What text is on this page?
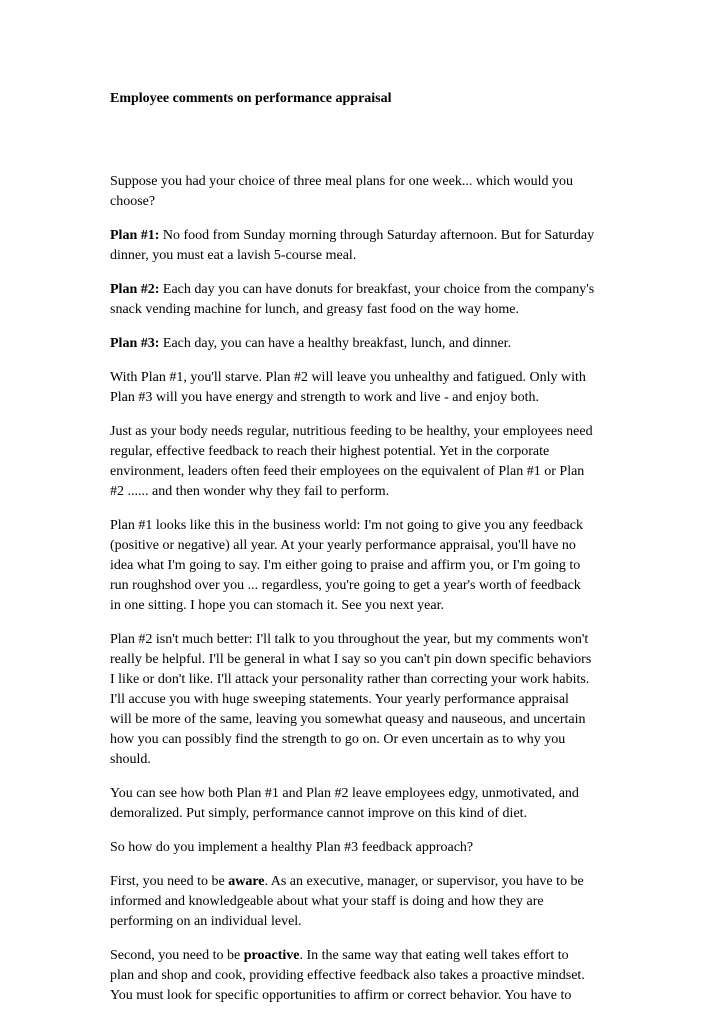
Employee comments on performance appraisal

Suppose you had your choice of three meal plans for one week... which would you
choose?

Plan #1: No food from Sunday morning through Saturday afternoon. But for Saturday
dinner, you must eat a lavish 5-course meal.

Plan #2: Each day you can have donuts for breakfast, your choice from the company's
snack vending machine for lunch, and greasy fast food on the way home.

Plan #3: Each day, you can have a healthy breakfast, lunch, and dinner.

With Plan #1, you'll starve. Plan #2 will leave you unhealthy and fatigued. Only with
Plan #3 will you have energy and strength to work and live - and enjoy both.

Just as your body needs regular, nutritious feeding to be healthy, your employees need
regular, effective feedback to reach their highest potential. Yet in the corporate
environment, leaders often feed their employees on the equivalent of Plan #1 or Plan
#2 ...... and then wonder why they fail to perform.

Plan #1 looks like this in the business world: I'm not going to give you any feedback
(positive or negative) all year. At your yearly performance appraisal, you'll have no
idea what I'm going to say. I'm either going to praise and affirm you, or I'm going to
run roughshod over you ... regardless, you're going to get a year's worth of feedback
in one sitting. I hope you can stomach it. See you next year.

Plan #2 isn't much better: I'll talk to you throughout the year, but my comments won't
really be helpful. I'll be general in what I say so you can't pin down specific behaviors
I like or don't like. I'll attack your personality rather than correcting your work habits.
I'll accuse you with huge sweeping statements. Your yearly performance appraisal
will be more of the same, leaving you somewhat queasy and nauseous, and uncertain
how you can possibly find the strength to go on. Or even uncertain as to why you
should.

You can see how both Plan #1 and Plan #2 leave employees edgy, unmotivated, and
demoralized. Put simply, performance cannot improve on this kind of diet.

So how do you implement a healthy Plan #3 feedback approach?

First, you need to be aware. As an executive, manager, or supervisor, you have to be
informed and knowledgeable about what your staff is doing and how they are
performing on an individual level.

Second, you need to be proactive. In the same way that eating well takes effort to
plan and shop and cook, providing effective feedback also takes a proactive mindset.
You must look for specific opportunities to affirm or correct behavior. You have to
